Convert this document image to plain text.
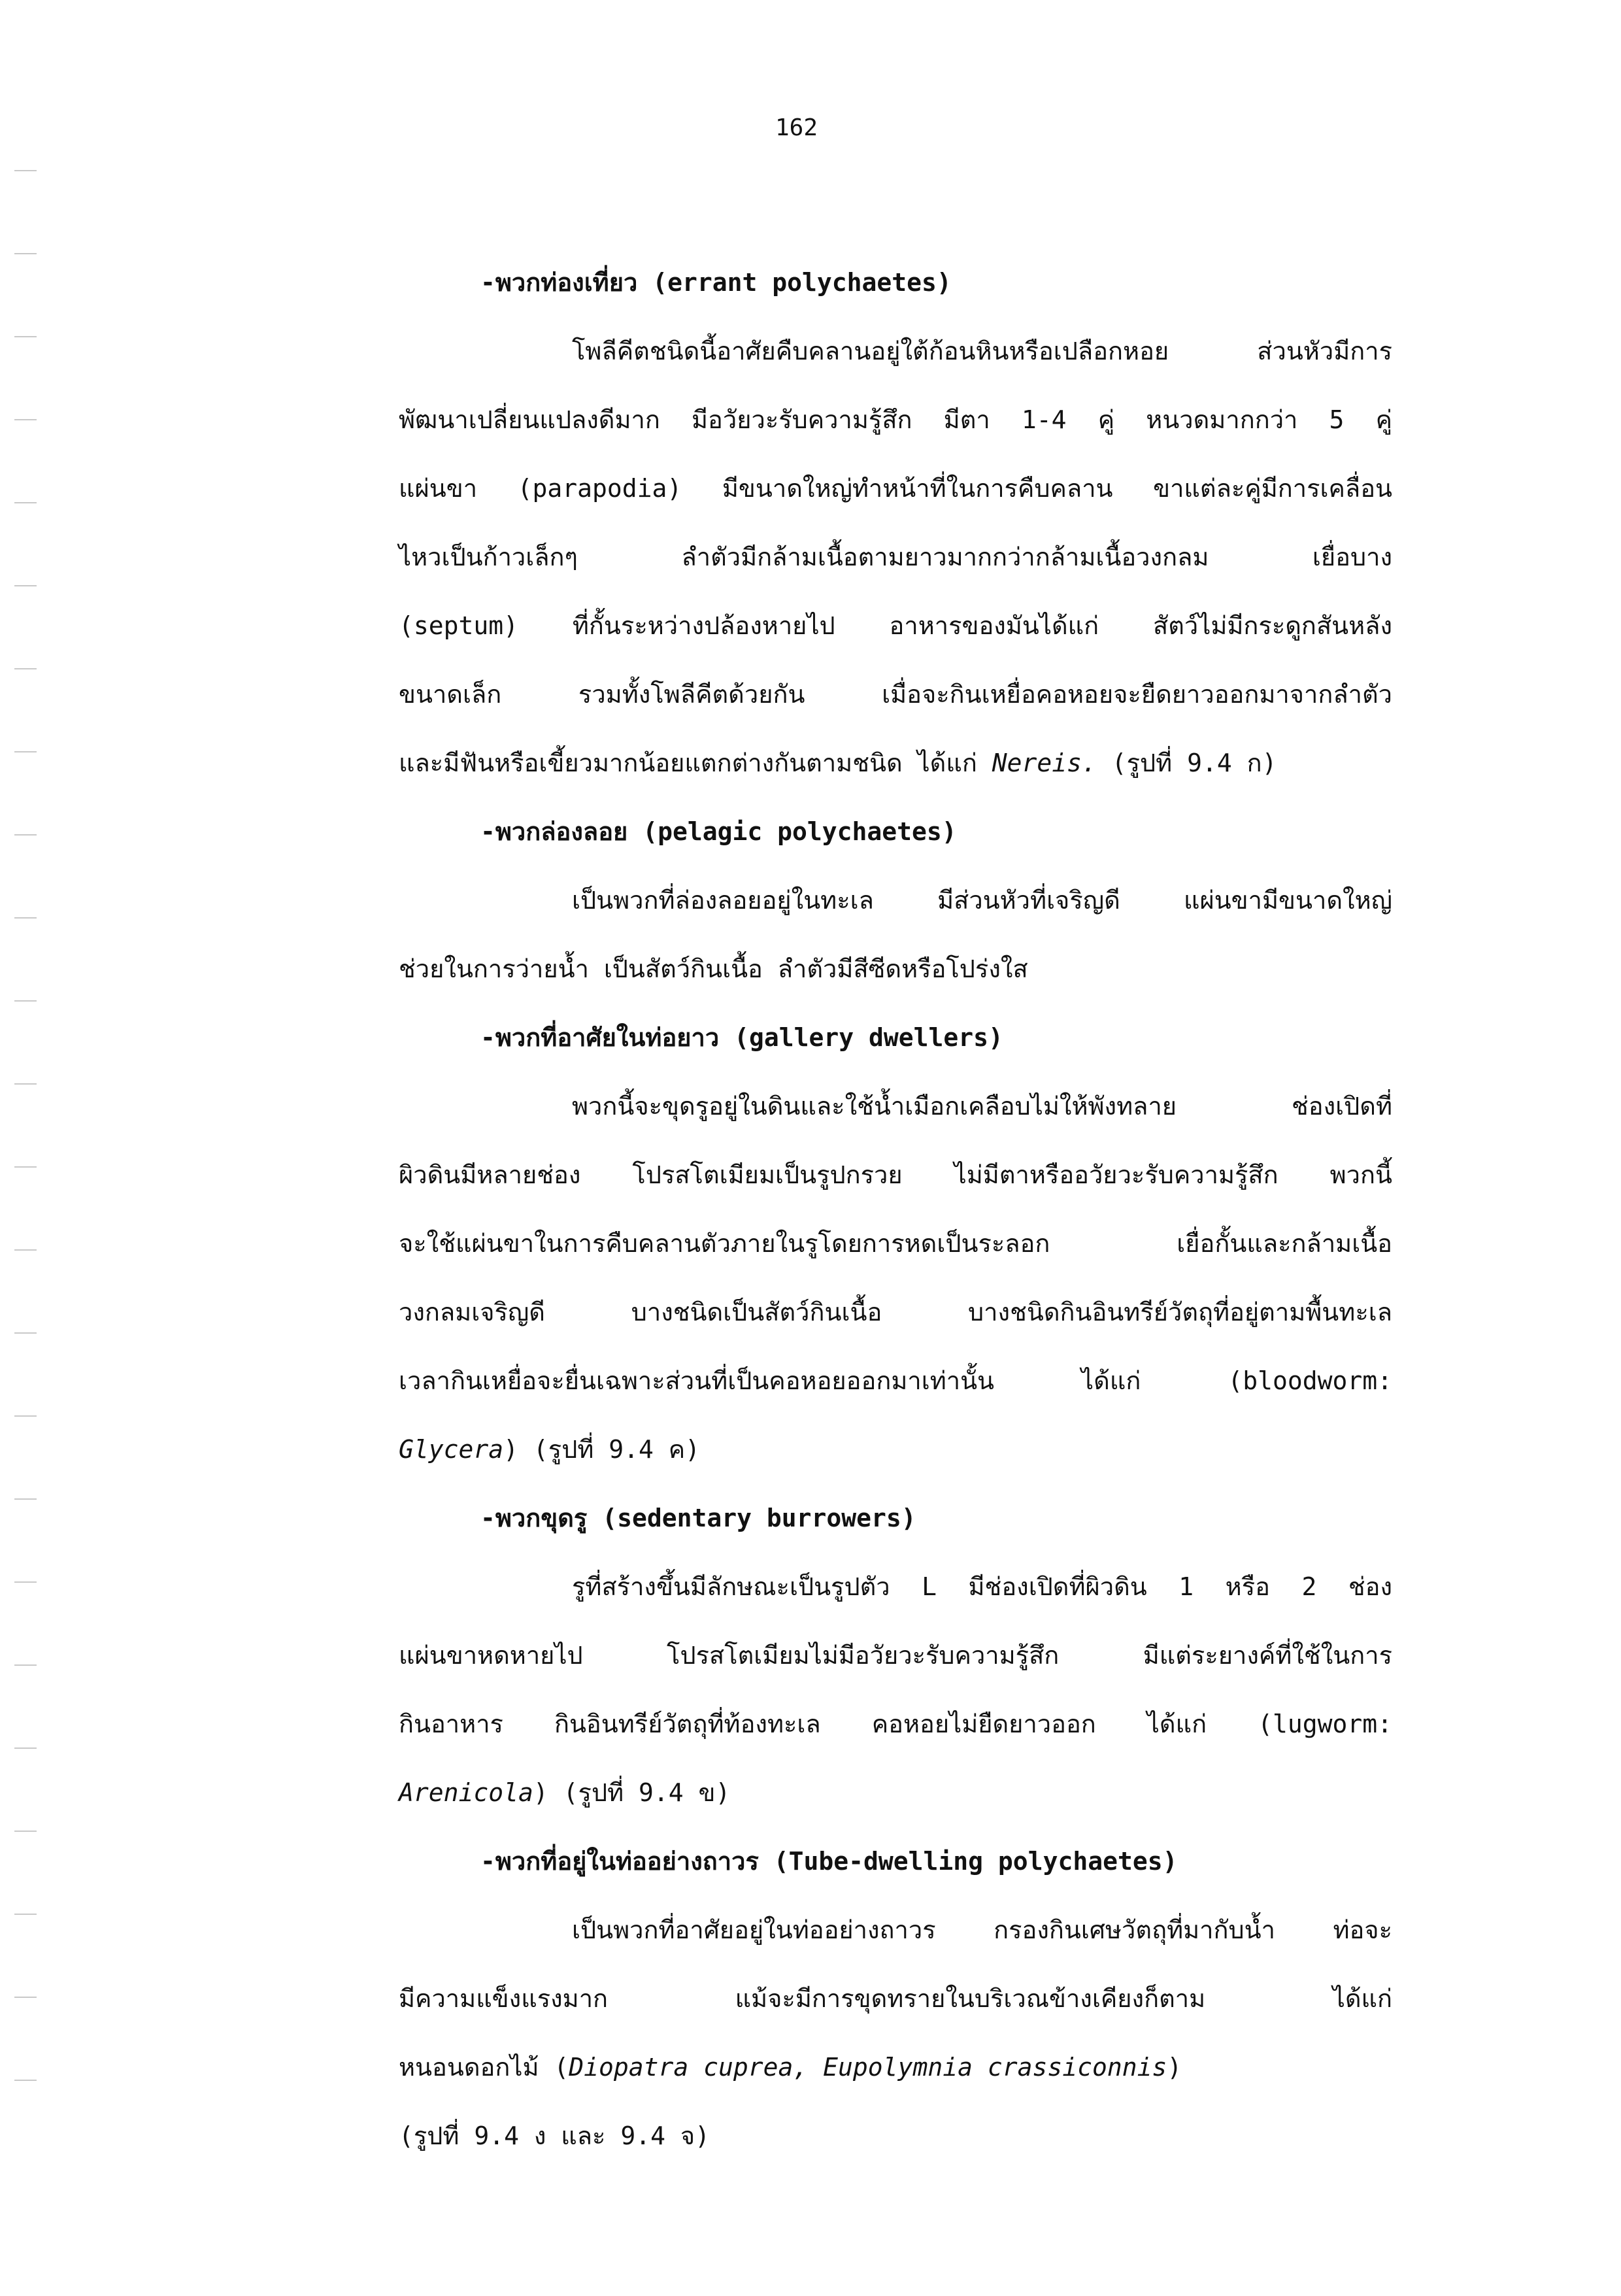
162
-พวกท่องเที่ยว (errant polychaetes)

โพลีคีตชนิดนี้อาศัยคืบคลานอยู่ใต้ก้อนหินหรือเปลือกหอย ส่วนหัวมีการ

พัฒนาเปลี่ยนแปลงดีมาก มีอวัยวะรับความรู้สึก มีตา 1-4 คู่ หนวดมากกว่า 5 คู่

แผ่นขา (parapodia) มีขนาดใหญ่ทำหน้าที่ในการคืบคลาน ขาแต่ละคู่มีการเคลื่อน

ไหวเป็นก้าวเล็กๆ ลำตัวมีกล้ามเนื้อตามยาวมากกว่ากล้ามเนื้อวงกลม เยื่อบาง

(septum) ที่กั้นระหว่างปล้องหายไป อาหารของมันได้แก่ สัตว์ไม่มีกระดูกสันหลัง

ขนาดเล็ก รวมทั้งโพลีคีตด้วยกัน เมื่อจะกินเหยื่อคอหอยจะยืดยาวออกมาจากลำตัว

และมีฟันหรือเขี้ยวมากน้อยแตกต่างกันตามชนิด ได้แก่ Nereis. (รูปที่ 9.4 ก)

-พวกล่องลอย (pelagic polychaetes)

เป็นพวกที่ล่องลอยอยู่ในทะเล มีส่วนหัวที่เจริญดี แผ่นขามีขนาดใหญ่

ช่วยในการว่ายน้ำ เป็นสัตว์กินเนื้อ ลำตัวมีสีซีดหรือโปร่งใส

-พวกที่อาศัยในท่อยาว (gallery dwellers)

พวกนี้จะขุดรูอยู่ในดินและใช้น้ำเมือกเคลือบไม่ให้พังทลาย ช่องเปิดที่

ผิวดินมีหลายช่อง โปรสโตเมียมเป็นรูปกรวย ไม่มีตาหรืออวัยวะรับความรู้สึก พวกนี้

จะใช้แผ่นขาในการคืบคลานตัวภายในรูโดยการหดเป็นระลอก เยื่อกั้นและกล้ามเนื้อ

วงกลมเจริญดี บางชนิดเป็นสัตว์กินเนื้อ บางชนิดกินอินทรีย์วัตถุที่อยู่ตามพื้นทะเล

เวลากินเหยื่อจะยื่นเฉพาะส่วนที่เป็นคอหอยออกมาเท่านั้น ได้แก่ (bloodworm:

Glycera) (รูปที่ 9.4 ค)

-พวกขุดรู (sedentary burrowers)

รูที่สร้างขึ้นมีลักษณะเป็นรูปตัว L มีช่องเปิดที่ผิวดิน 1 หรือ 2 ช่อง

แผ่นขาหดหายไป โปรสโตเมียมไม่มีอวัยวะรับความรู้สึก มีแต่ระยางค์ที่ใช้ในการ

กินอาหาร กินอินทรีย์วัตถุที่ท้องทะเล คอหอยไม่ยืดยาวออก ได้แก่ (lugworm:

Arenicola) (รูปที่ 9.4 ข)

-พวกที่อยู่ในท่ออย่างถาวร (Tube-dwelling polychaetes)

เป็นพวกที่อาศัยอยู่ในท่ออย่างถาวร กรองกินเศษวัตถุที่มากับน้ำ ท่อจะ

มีความแข็งแรงมาก แม้จะมีการขุดทรายในบริเวณข้างเคียงก็ตาม ได้แก่

หนอนดอกไม้ (Diopatra cuprea, Eupolymnia crassiconnis)

(รูปที่ 9.4 ง และ 9.4 จ)
